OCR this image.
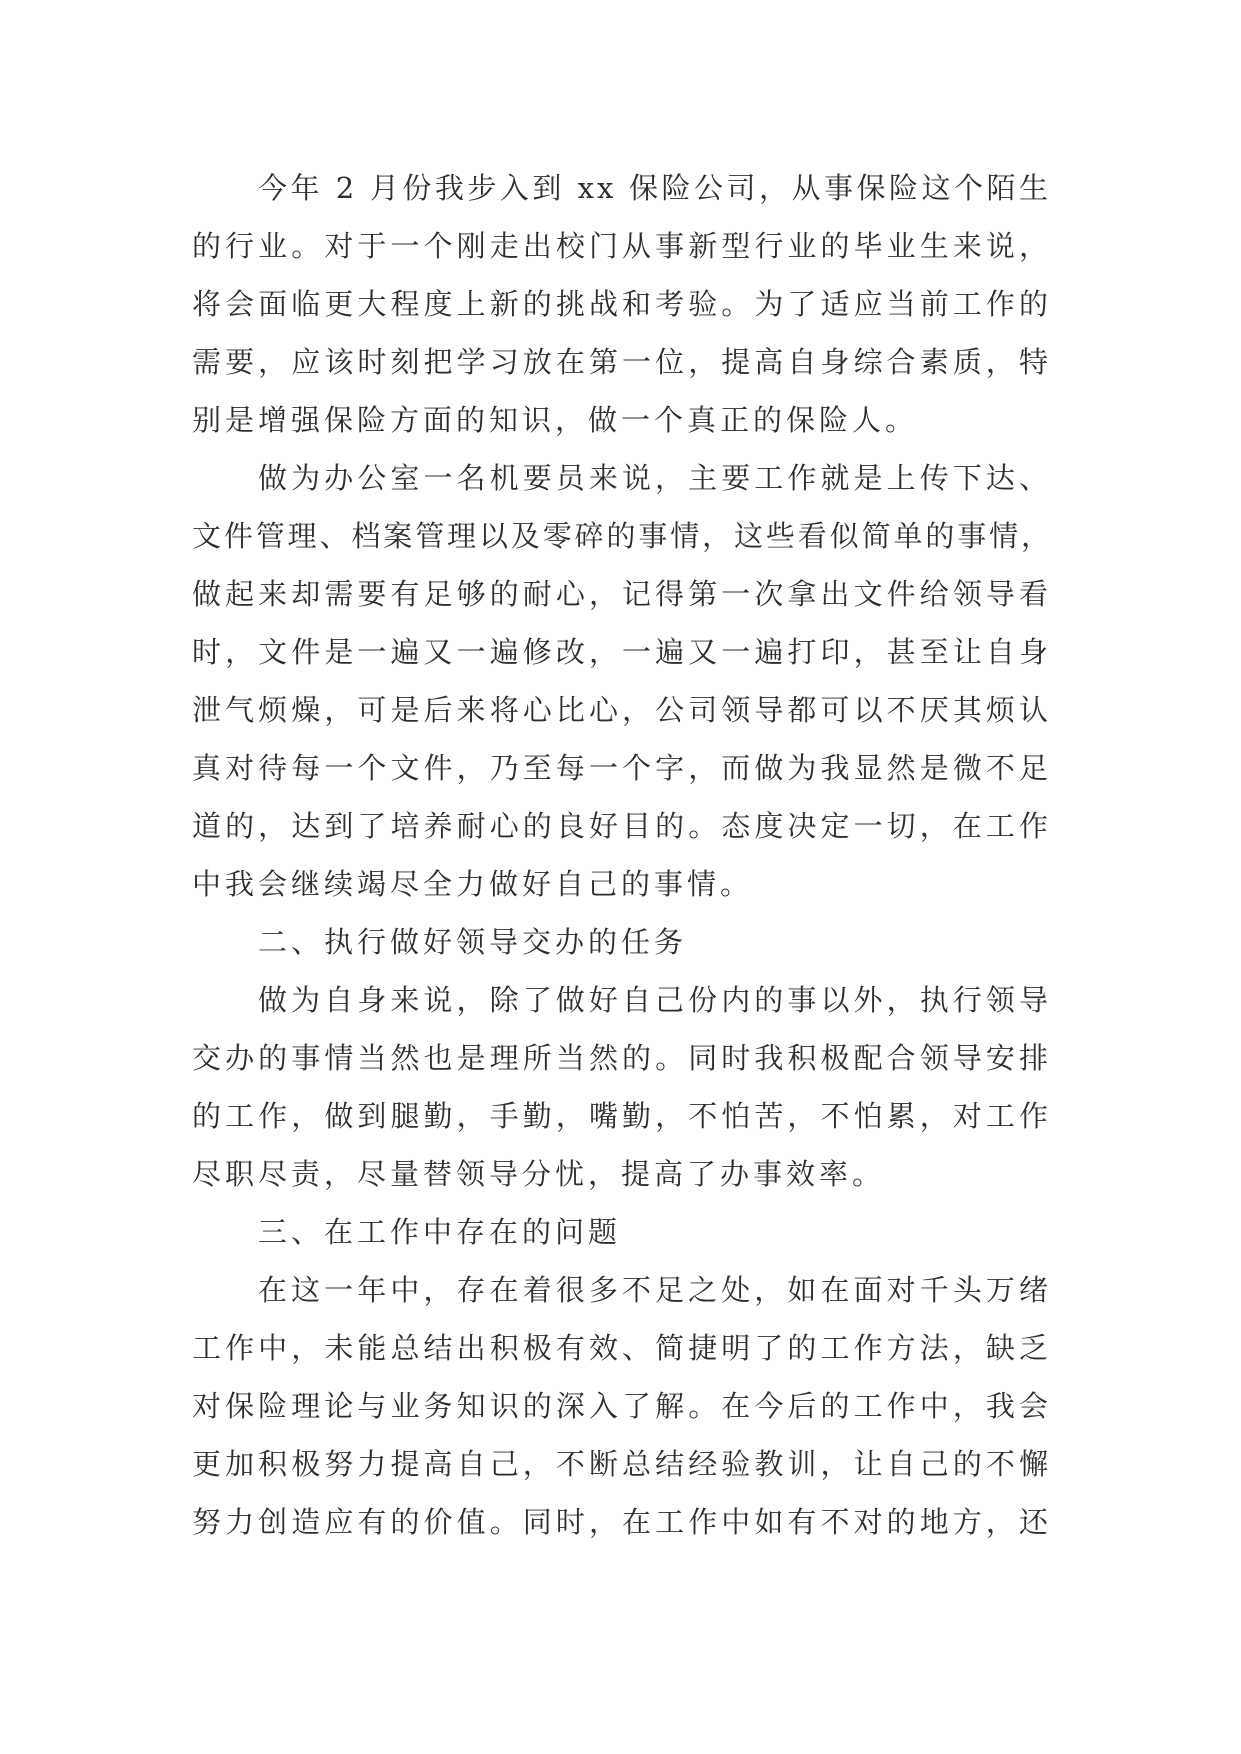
今年 2 月份我步入到 xx 保险公司，从事保险这个陌生
的行业。对于一个刚走出校门从事新型行业的毕业生来说，
将会面临更大程度上新的挑战和考验。为了适应当前工作的
需要，应该时刻把学习放在第一位，提高自身综合素质，特
别是增强保险方面的知识，做一个真正的保险人。
做为办公室一名机要员来说，主要工作就是上传下达、
文件管理、档案管理以及零碎的事情，这些看似简单的事情，
做起来却需要有足够的耐心，记得第一次拿出文件给领导看
时，文件是一遍又一遍修改，一遍又一遍打印，甚至让自身
泄气烦燥，可是后来将心比心，公司领导都可以不厌其烦认
真对待每一个文件，乃至每一个字，而做为我显然是微不足
道的，达到了培养耐心的良好目的。态度决定一切，在工作
中我会继续竭尽全力做好自己的事情。
二、执行做好领导交办的任务
做为自身来说，除了做好自己份内的事以外，执行领导
交办的事情当然也是理所当然的。同时我积极配合领导安排
的工作，做到腿勤，手勤，嘴勤，不怕苦，不怕累，对工作
尽职尽责，尽量替领导分忧，提高了办事效率。
三、在工作中存在的问题
在这一年中，存在着很多不足之处，如在面对千头万绪
工作中，未能总结出积极有效、简捷明了的工作方法，缺乏
对保险理论与业务知识的深入了解。在今后的工作中，我会
更加积极努力提高自己，不断总结经验教训，让自己的不懈
努力创造应有的价值。同时，在工作中如有不对的地方，还
